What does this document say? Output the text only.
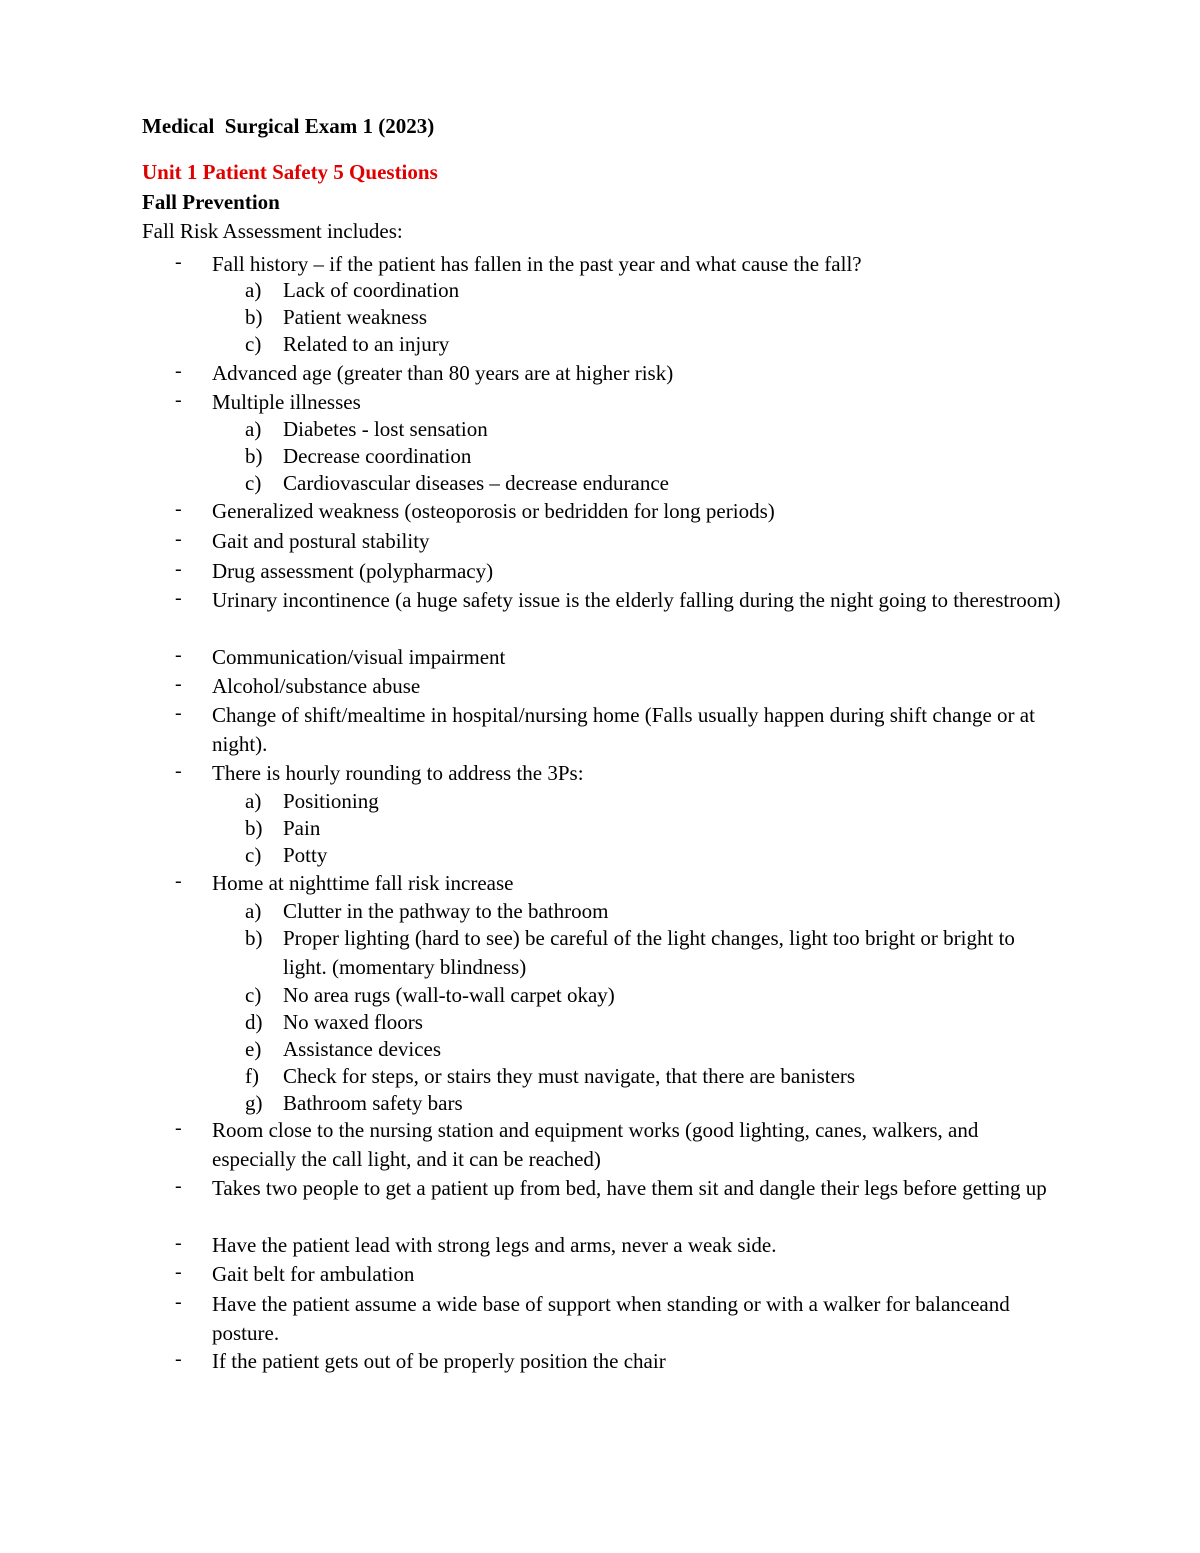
Medical  Surgical Exam 1 (2023)
Unit 1 Patient Safety 5 Questions
Fall Prevention
Fall Risk Assessment includes:
- Fall history – if the patient has fallen in the past year and what cause the fall?
a)	Lack of coordination
b) Patient weakness
c)	Related to an injury
- Advanced age (greater than 80 years are at higher risk)
- Multiple illnesses
a)	Diabetes - lost sensation
b) Decrease coordination
c)	Cardiovascular diseases – decrease endurance
- Generalized weakness (osteoporosis or bedridden for long periods)
- Gait and postural stability
- Drug assessment (polypharmacy)
- Urinary incontinence (a huge safety issue is the elderly falling during the night going to therestroom)
- Communication/visual impairment
- Alcohol/substance abuse
- Change of shift/mealtime in hospital/nursing home (Falls usually happen during shift change or at night).
- There is hourly rounding to address the 3Ps:
a)	Positioning
b) Pain
c)	Potty
- Home at nighttime fall risk increase
a)	Clutter in the pathway to the bathroom
b) Proper lighting (hard to see) be careful of the light changes, light too bright or bright to light. (momentary blindness)
c)	No area rugs (wall-to-wall carpet okay)
d) No waxed floors
e)	Assistance devices
f)	Check for steps, or stairs they must navigate, that there are banisters
g) Bathroom safety bars
- Room close to the nursing station and equipment works (good lighting, canes, walkers, and especially the call light, and it can be reached)
- Takes two people to get a patient up from bed, have them sit and dangle their legs before getting up
- Have the patient lead with strong legs and arms, never a weak side.
- Gait belt for ambulation
- Have the patient assume a wide base of support when standing or with a walker for balanceand posture.
- If the patient gets out of be properly position the chair
